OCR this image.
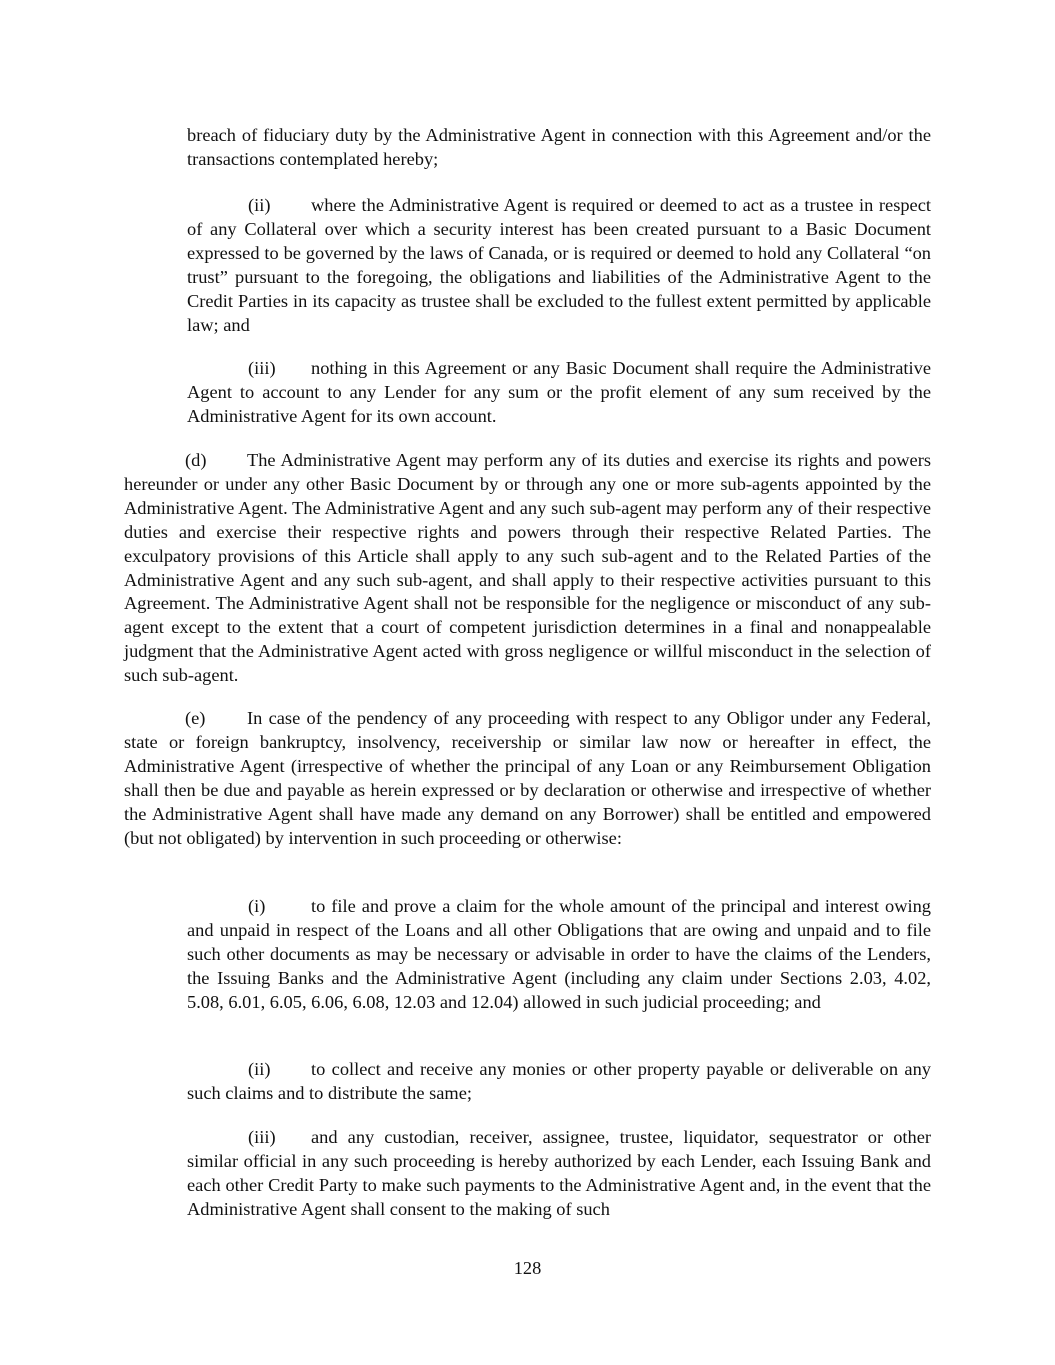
breach of fiduciary duty by the Administrative Agent in connection with this Agreement and/or the transactions contemplated hereby;

(ii) where the Administrative Agent is required or deemed to act as a trustee in respect of any Collateral over which a security interest has been created pursuant to a Basic Document expressed to be governed by the laws of Canada, or is required or deemed to hold any Collateral “on trust” pursuant to the foregoing, the obligations and liabilities of the Administrative Agent to the Credit Parties in its capacity as trustee shall be excluded to the fullest extent permitted by applicable law; and

(iii) nothing in this Agreement or any Basic Document shall require the Administrative Agent to account to any Lender for any sum or the profit element of any sum received by the Administrative Agent for its own account.

(d) The Administrative Agent may perform any of its duties and exercise its rights and powers hereunder or under any other Basic Document by or through any one or more sub-agents appointed by the Administrative Agent. The Administrative Agent and any such sub-agent may perform any of their respective duties and exercise their respective rights and powers through their respective Related Parties. The exculpatory provisions of this Article shall apply to any such sub-agent and to the Related Parties of the Administrative Agent and any such sub-agent, and shall apply to their respective activities pursuant to this Agreement. The Administrative Agent shall not be responsible for the negligence or misconduct of any sub-agent except to the extent that a court of competent jurisdiction determines in a final and nonappealable judgment that the Administrative Agent acted with gross negligence or willful misconduct in the selection of such sub-agent.

(e) In case of the pendency of any proceeding with respect to any Obligor under any Federal, state or foreign bankruptcy, insolvency, receivership or similar law now or hereafter in effect, the Administrative Agent (irrespective of whether the principal of any Loan or any Reimbursement Obligation shall then be due and payable as herein expressed or by declaration or otherwise and irrespective of whether the Administrative Agent shall have made any demand on any Borrower) shall be entitled and empowered (but not obligated) by intervention in such proceeding or otherwise:

(i) to file and prove a claim for the whole amount of the principal and interest owing and unpaid in respect of the Loans and all other Obligations that are owing and unpaid and to file such other documents as may be necessary or advisable in order to have the claims of the Lenders, the Issuing Banks and the Administrative Agent (including any claim under Sections 2.03, 4.02, 5.08, 6.01, 6.05, 6.06, 6.08, 12.03 and 12.04) allowed in such judicial proceeding; and

(ii) to collect and receive any monies or other property payable or deliverable on any such claims and to distribute the same;

(iii) and any custodian, receiver, assignee, trustee, liquidator, sequestrator or other similar official in any such proceeding is hereby authorized by each Lender, each Issuing Bank and each other Credit Party to make such payments to the Administrative Agent and, in the event that the Administrative Agent shall consent to the making of such

128
